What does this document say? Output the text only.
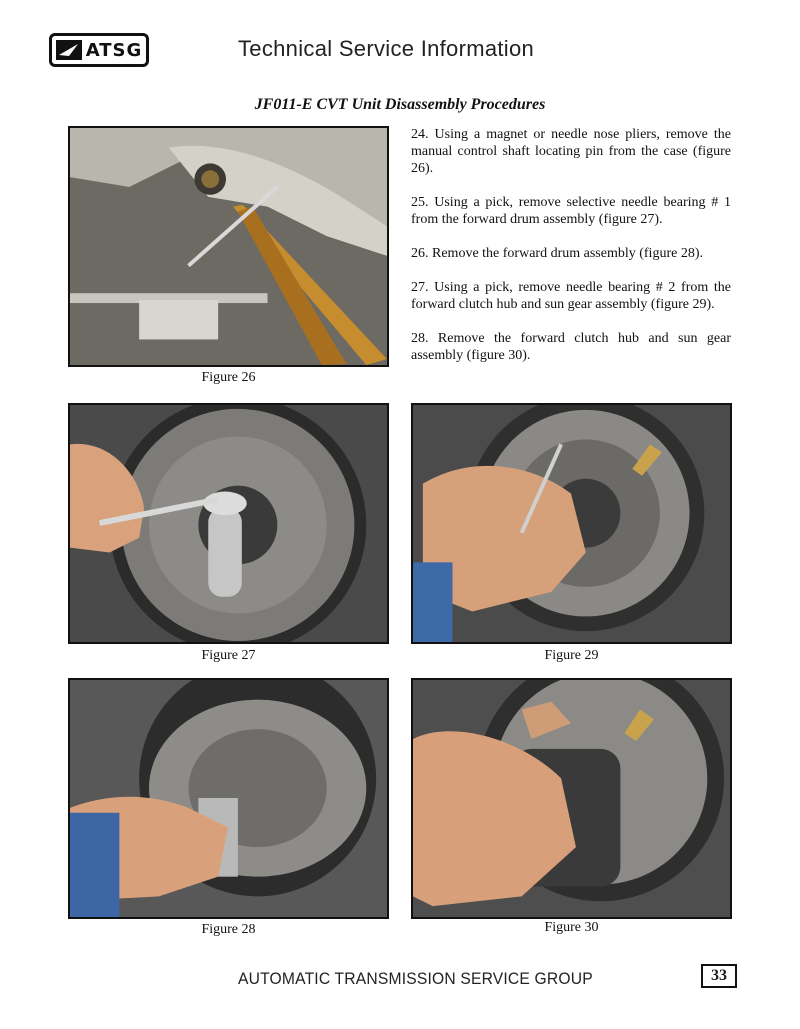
ATSG	Technical Service Information
JF011-E CVT Unit Disassembly Procedures
Figure 26

24. Using a magnet or needle nose pliers, remove the manual control shaft locating pin from the case (figure 26).

25. Using a pick, remove selective needle bearing # 1 from the forward drum assembly (figure 27).

26. Remove the forward drum assembly (figure 28).

27. Using a pick, remove needle bearing # 2 from the forward clutch hub and sun gear assembly (figure 29).

28. Remove the forward clutch hub and sun gear assembly (figure 30).

Figure 27	Figure 29
Figure 28	Figure 30
AUTOMATIC TRANSMISSION SERVICE GROUP	33
